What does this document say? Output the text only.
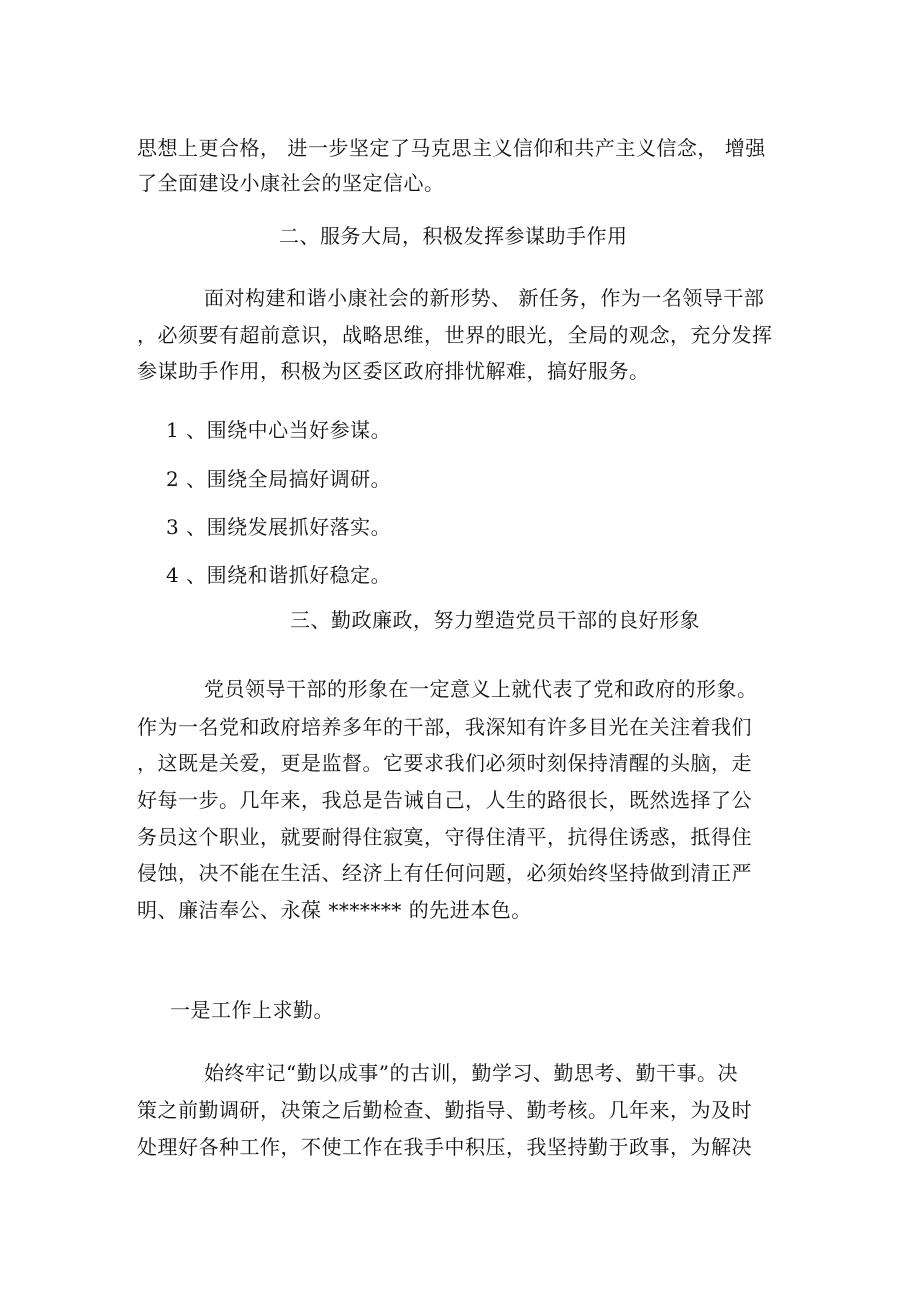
思想上更合格， 进一步坚定了马克思主义信仰和共产主义信念， 增强
了全面建设小康社会的坚定信心。
二、服务大局，积极发挥参谋助手作用
面对构建和谐小康社会的新形势、 新任务，作为一名领导干部
，必须要有超前意识，战略思维，世界的眼光，全局的观念，充分发挥
参谋助手作用，积极为区委区政府排忧解难，搞好服务。
1 、围绕中心当好参谋。
2 、围绕全局搞好调研。
3 、围绕发展抓好落实。
4 、围绕和谐抓好稳定。
三、勤政廉政，努力塑造党员干部的良好形象
党员领导干部的形象在一定意义上就代表了党和政府的形象。
作为一名党和政府培养多年的干部，我深知有许多目光在关注着我们
，这既是关爱，更是监督。它要求我们必须时刻保持清醒的头脑，走
好每一步。几年来，我总是告诫自己，人生的路很长，既然选择了公
务员这个职业，就要耐得住寂寞，守得住清平，抗得住诱惑，抵得住
侵蚀，决不能在生活、经济上有任何问题，必须始终坚持做到清正严
明、廉洁奉公、永葆 ******* 的先进本色。
一是工作上求勤。
始终牢记“勤以成事”的古训，勤学习、勤思考、勤干事。决
策之前勤调研，决策之后勤检查、勤指导、勤考核。几年来，为及时
处理好各种工作，不使工作在我手中积压，我坚持勤于政事，为解决
